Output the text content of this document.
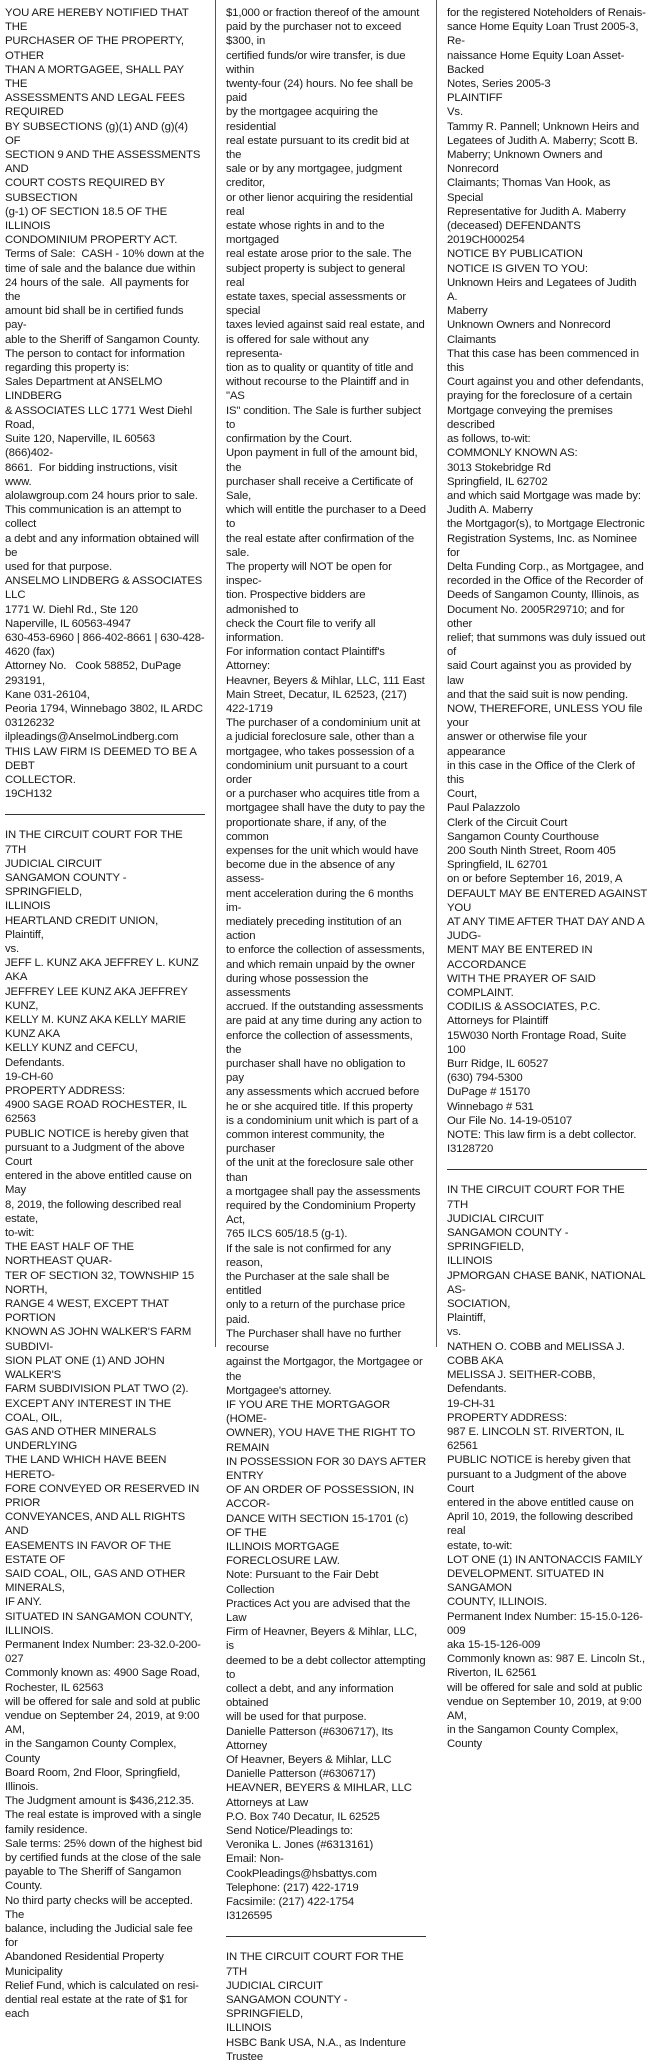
YOU ARE HEREBY NOTIFIED THAT THE
PURCHASER OF THE PROPERTY, OTHER
THAN A MORTGAGEE, SHALL PAY THE
ASSESSMENTS AND LEGAL FEES REQUIRED
BY SUBSECTIONS (g)(1) AND (g)(4) OF
SECTION 9 AND THE ASSESSMENTS AND
COURT COSTS REQUIRED BY SUBSECTION
(g-1) OF SECTION 18.5 OF THE ILLINOIS
CONDOMINIUM PROPERTY ACT.
Terms of Sale:  CASH - 10% down at the
time of sale and the balance due within
24 hours of the sale.  All payments for the
amount bid shall be in certified funds pay-
able to the Sheriff of Sangamon County.
The person to contact for information
regarding this property is:
Sales Department at ANSELMO LINDBERG
& ASSOCIATES LLC 1771 West Diehl Road,
Suite 120, Naperville, IL 60563 (866)402-
8661.  For bidding instructions, visit www.
alolawgroup.com 24 hours prior to sale.
This communication is an attempt to collect
a debt and any information obtained will be
used for that purpose.
ANSELMO LINDBERG & ASSOCIATES LLC
1771 W. Diehl Rd., Ste 120
Naperville, IL 60563-4947
630-453-6960 | 866-402-8661 | 630-428-
4620 (fax)
Attorney No.   Cook 58852, DuPage 293191,
Kane 031-26104,
Peoria 1794, Winnebago 3802, IL ARDC
03126232
ilpleadings@AnselmoLindberg.com
THIS LAW FIRM IS DEEMED TO BE A DEBT
COLLECTOR.
19CH132

IN THE CIRCUIT COURT FOR THE 7TH
JUDICIAL CIRCUIT
SANGAMON COUNTY - SPRINGFIELD,
ILLINOIS
HEARTLAND CREDIT UNION,
Plaintiff,
vs.
JEFF L. KUNZ AKA JEFFREY L. KUNZ AKA
JEFFREY LEE KUNZ AKA JEFFREY KUNZ,
KELLY M. KUNZ AKA KELLY MARIE KUNZ AKA
KELLY KUNZ and CEFCU,
Defendants.
19-CH-60
PROPERTY ADDRESS:
4900 SAGE ROAD ROCHESTER, IL 62563
PUBLIC NOTICE is hereby given that
pursuant to a Judgment of the above Court
entered in the above entitled cause on May
8, 2019, the following described real estate,
to-wit:
THE EAST HALF OF THE NORTHEAST QUAR-
TER OF SECTION 32, TOWNSHIP 15 NORTH,
RANGE 4 WEST, EXCEPT THAT PORTION
KNOWN AS JOHN WALKER'S FARM SUBDIVI-
SION PLAT ONE (1) AND JOHN WALKER'S
FARM SUBDIVISION PLAT TWO (2).
EXCEPT ANY INTEREST IN THE COAL, OIL,
GAS AND OTHER MINERALS UNDERLYING
THE LAND WHICH HAVE BEEN HERETO-
FORE CONVEYED OR RESERVED IN PRIOR
CONVEYANCES, AND ALL RIGHTS AND
EASEMENTS IN FAVOR OF THE ESTATE OF
SAID COAL, OIL, GAS AND OTHER MINERALS,
IF ANY.
SITUATED IN SANGAMON COUNTY, ILLINOIS.
Permanent Index Number: 23-32.0-200-027
Commonly known as: 4900 Sage Road,
Rochester, IL 62563
will be offered for sale and sold at public
vendue on September 24, 2019, at 9:00 AM,
in the Sangamon County Complex, County
Board Room, 2nd Floor, Springfield, Illinois.
The Judgment amount is $436,212.35.
The real estate is improved with a single
family residence.
Sale terms: 25% down of the highest bid
by certified funds at the close of the sale
payable to The Sheriff of Sangamon County.
No third party checks will be accepted. The
balance, including the Judicial sale fee for
Abandoned Residential Property Municipality
Relief Fund, which is calculated on resi-
dential real estate at the rate of $1 for each

$1,000 or fraction thereof of the amount
paid by the purchaser not to exceed $300, in
certified funds/or wire transfer, is due within
twenty-four (24) hours. No fee shall be paid
by the mortgagee acquiring the residential
real estate pursuant to its credit bid at the
sale or by any mortgagee, judgment creditor,
or other lienor acquiring the residential real
estate whose rights in and to the mortgaged
real estate arose prior to the sale. The
subject property is subject to general real
estate taxes, special assessments or special
taxes levied against said real estate, and
is offered for sale without any representa-
tion as to quality or quantity of title and
without recourse to the Plaintiff and in "AS
IS" condition. The Sale is further subject to
confirmation by the Court.
Upon payment in full of the amount bid, the
purchaser shall receive a Certificate of Sale,
which will entitle the purchaser to a Deed to
the real estate after confirmation of the sale.
The property will NOT be open for inspec-
tion. Prospective bidders are admonished to
check the Court file to verify all information.
For information contact Plaintiff's Attorney:
Heavner, Beyers & Mihlar, LLC, 111 East
Main Street, Decatur, IL 62523, (217)
422-1719
The purchaser of a condominium unit at
a judicial foreclosure sale, other than a
mortgagee, who takes possession of a
condominium unit pursuant to a court order
or a purchaser who acquires title from a
mortgagee shall have the duty to pay the
proportionate share, if any, of the common
expenses for the unit which would have
become due in the absence of any assess-
ment acceleration during the 6 months im-
mediately preceding institution of an action
to enforce the collection of assessments,
and which remain unpaid by the owner
during whose possession the assessments
accrued. If the outstanding assessments
are paid at any time during any action to
enforce the collection of assessments, the
purchaser shall have no obligation to pay
any assessments which accrued before
he or she acquired title. If this property
is a condominium unit which is part of a
common interest community, the purchaser
of the unit at the foreclosure sale other than
a mortgagee shall pay the assessments
required by the Condominium Property Act,
765 ILCS 605/18.5 (g-1).
If the sale is not confirmed for any reason,
the Purchaser at the sale shall be entitled
only to a return of the purchase price paid.
The Purchaser shall have no further recourse
against the Mortgagor, the Mortgagee or the
Mortgagee's attorney.
IF YOU ARE THE MORTGAGOR (HOME-
OWNER), YOU HAVE THE RIGHT TO REMAIN
IN POSSESSION FOR 30 DAYS AFTER ENTRY
OF AN ORDER OF POSSESSION, IN ACCOR-
DANCE WITH SECTION 15-1701 (c) OF THE
ILLINOIS MORTGAGE FORECLOSURE LAW.
Note: Pursuant to the Fair Debt Collection
Practices Act you are advised that the Law
Firm of Heavner, Beyers & Mihlar, LLC, is
deemed to be a debt collector attempting to
collect a debt, and any information obtained
will be used for that purpose.
Danielle Patterson (#6306717), Its Attorney
Of Heavner, Beyers & Mihlar, LLC
Danielle Patterson (#6306717)
HEAVNER, BEYERS & MIHLAR, LLC
Attorneys at Law
P.O. Box 740 Decatur, IL 62525
Send Notice/Pleadings to:
Veronika L. Jones (#6313161)
Email: Non-CookPleadings@hsbattys.com
Telephone: (217) 422-1719
Facsimile: (217) 422-1754
I3126595

IN THE CIRCUIT COURT FOR THE 7TH
JUDICIAL CIRCUIT
SANGAMON COUNTY - SPRINGFIELD,
ILLINOIS
HSBC Bank USA, N.A., as Indenture Trustee

for the registered Noteholders of Renais-
sance Home Equity Loan Trust 2005-3, Re-
naissance Home Equity Loan Asset-Backed
Notes, Series 2005-3
PLAINTIFF
Vs.
Tammy R. Pannell; Unknown Heirs and
Legatees of Judith A. Maberry; Scott B.
Maberry; Unknown Owners and Nonrecord
Claimants; Thomas Van Hook, as Special
Representative for Judith A. Maberry
(deceased) DEFENDANTS
2019CH000254
NOTICE BY PUBLICATION
NOTICE IS GIVEN TO YOU:
Unknown Heirs and Legatees of Judith A.
Maberry
Unknown Owners and Nonrecord Claimants
That this case has been commenced in this
Court against you and other defendants,
praying for the foreclosure of a certain
Mortgage conveying the premises described
as follows, to-wit:
COMMONLY KNOWN AS:
3013 Stokebridge Rd
Springfield, IL 62702
and which said Mortgage was made by:
Judith A. Maberry
the Mortgagor(s), to Mortgage Electronic
Registration Systems, Inc. as Nominee for
Delta Funding Corp., as Mortgagee, and
recorded in the Office of the Recorder of
Deeds of Sangamon County, Illinois, as
Document No. 2005R29710; and for other
relief; that summons was duly issued out of
said Court against you as provided by law
and that the said suit is now pending.
NOW, THEREFORE, UNLESS YOU file your
answer or otherwise file your appearance
in this case in the Office of the Clerk of this
Court,
Paul Palazzolo
Clerk of the Circuit Court
Sangamon County Courthouse
200 South Ninth Street, Room 405
Springfield, IL 62701
on or before September 16, 2019, A
DEFAULT MAY BE ENTERED AGAINST YOU
AT ANY TIME AFTER THAT DAY AND A JUDG-
MENT MAY BE ENTERED IN ACCORDANCE
WITH THE PRAYER OF SAID COMPLAINT.
CODILIS & ASSOCIATES, P.C.
Attorneys for Plaintiff
15W030 North Frontage Road, Suite 100
Burr Ridge, IL 60527
(630) 794-5300
DuPage # 15170
Winnebago # 531
Our File No. 14-19-05107
NOTE: This law firm is a debt collector.
I3128720

IN THE CIRCUIT COURT FOR THE 7TH
JUDICIAL CIRCUIT
SANGAMON COUNTY - SPRINGFIELD,
ILLINOIS
JPMORGAN CHASE BANK, NATIONAL AS-
SOCIATION,
Plaintiff,
vs.
NATHEN O. COBB and MELISSA J. COBB AKA
MELISSA J. SEITHER-COBB,
Defendants.
19-CH-31
PROPERTY ADDRESS:
987 E. LINCOLN ST. RIVERTON, IL 62561
PUBLIC NOTICE is hereby given that
pursuant to a Judgment of the above Court
entered in the above entitled cause on
April 10, 2019, the following described real
estate, to-wit:
LOT ONE (1) IN ANTONACCIS FAMILY
DEVELOPMENT. SITUATED IN SANGAMON
COUNTY, ILLINOIS.
Permanent Index Number: 15-15.0-126-009
aka 15-15-126-009
Commonly known as: 987 E. Lincoln St.,
Riverton, IL 62561
will be offered for sale and sold at public
vendue on September 10, 2019, at 9:00 AM,
in the Sangamon County Complex, County
